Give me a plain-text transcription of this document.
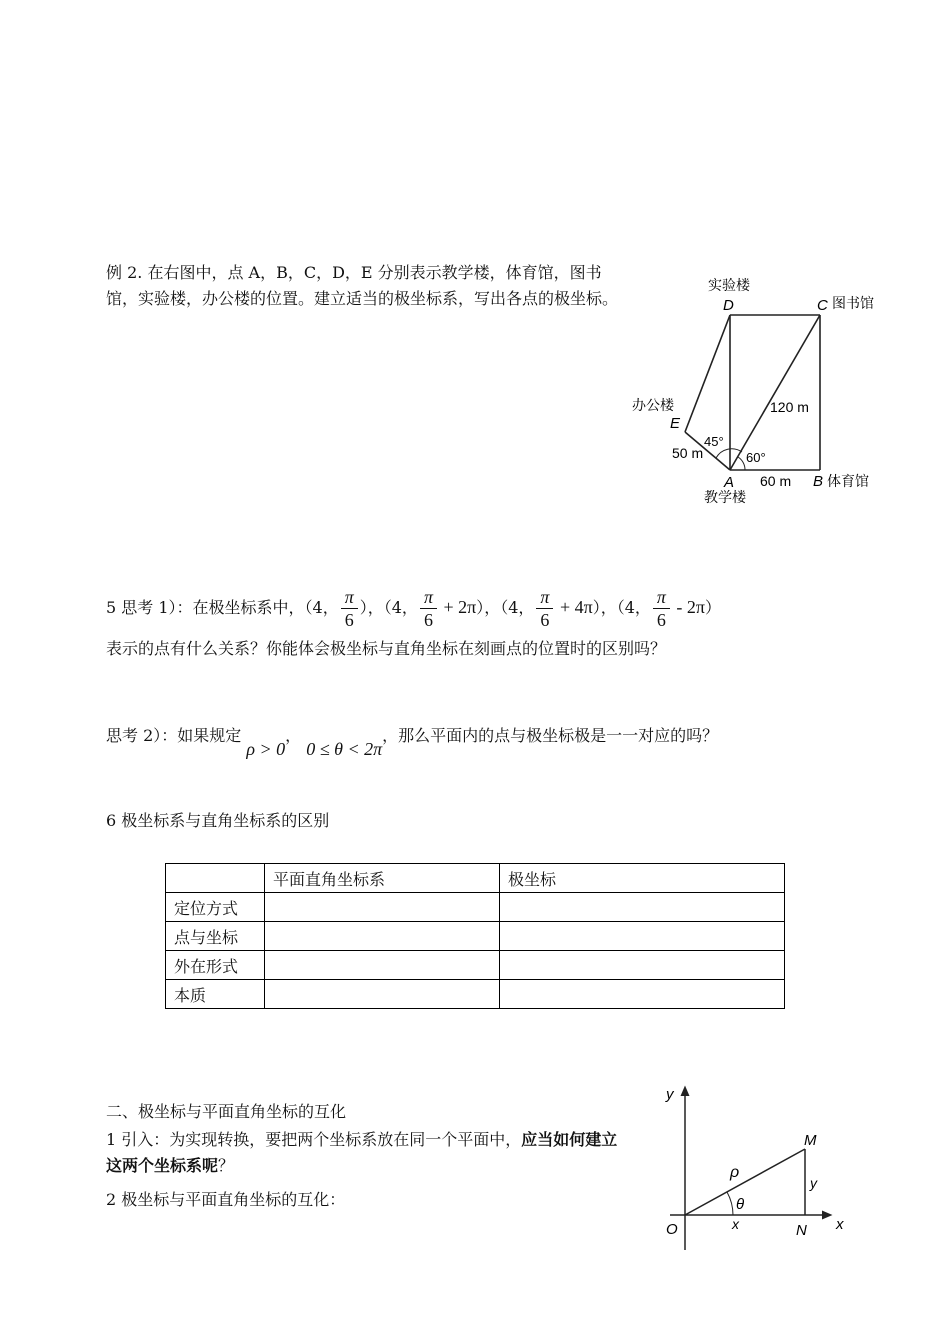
例 2. 在右图中，点 A，B，C，D，E 分别表示教学楼，体育馆，图书馆，实验楼，办公楼的位置。建立适当的极坐标系，写出各点的极坐标。
实验楼
D	C 图书馆
办公楼
E
50 m
45°
60°
120 m
A
教学楼
60 m B 体育馆
5 思考 1）：在极坐标系中，（4， $\frac{\pi}{6}$ ），（4， $\frac{\pi}{6} + 2\pi$），（4， $\frac{\pi}{6} + 4\pi$），（4， $\frac{\pi}{6} - 2\pi$）
表示的点有什么关系？你能体会极坐标与直角坐标在刻画点的位置时的区别吗？
思考 2）：如果规定 ρ > 0， 0 ≤ θ < 2π，那么平面内的点与极坐标极是一一对应的吗？
6 极坐标系与直角坐标系的区别
	平面直角坐标系	极坐标
定位方式		
点与坐标		
外在形式		
本质		
二、极坐标与平面直角坐标的互化
1 引入：为实现转换，要把两个坐标系放在同一个平面中，应当如何建立这两个坐标系呢？
2 极坐标与平面直角坐标的互化：
y
x
O
M
N
ρ
θ
x
y
